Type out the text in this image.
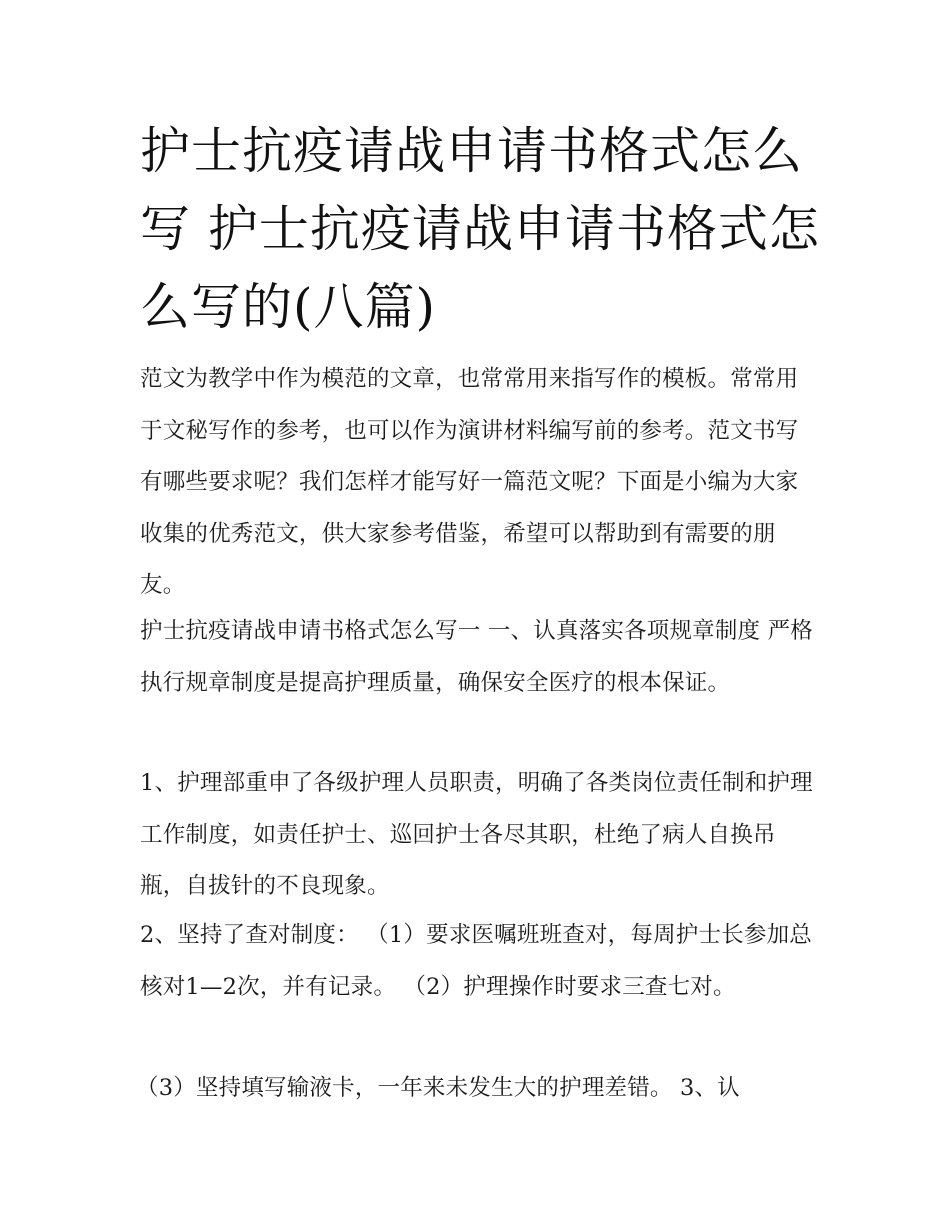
护士抗疫请战申请书格式怎么写 护士抗疫请战申请书格式怎么写的(八篇)

范文为教学中作为模范的文章，也常常用来指写作的模板。常常用于文秘写作的参考，也可以作为演讲材料编写前的参考。范文书写有哪些要求呢？我们怎样才能写好一篇范文呢？下面是小编为大家收集的优秀范文，供大家参考借鉴，希望可以帮助到有需要的朋友。

护士抗疫请战申请书格式怎么写一 一、认真落实各项规章制度 严格执行规章制度是提高护理质量，确保安全医疗的根本保证。

1、护理部重申了各级护理人员职责，明确了各类岗位责任制和护理工作制度，如责任护士、巡回护士各尽其职，杜绝了病人自换吊瓶，自拔针的不良现象。

2、坚持了查对制度： （1）要求医嘱班班查对，每周护士长参加总核对1—2次，并有记录。 （2）护理操作时要求三查七对。

（3）坚持填写输液卡，一年来未发生大的护理差错。 3、认
